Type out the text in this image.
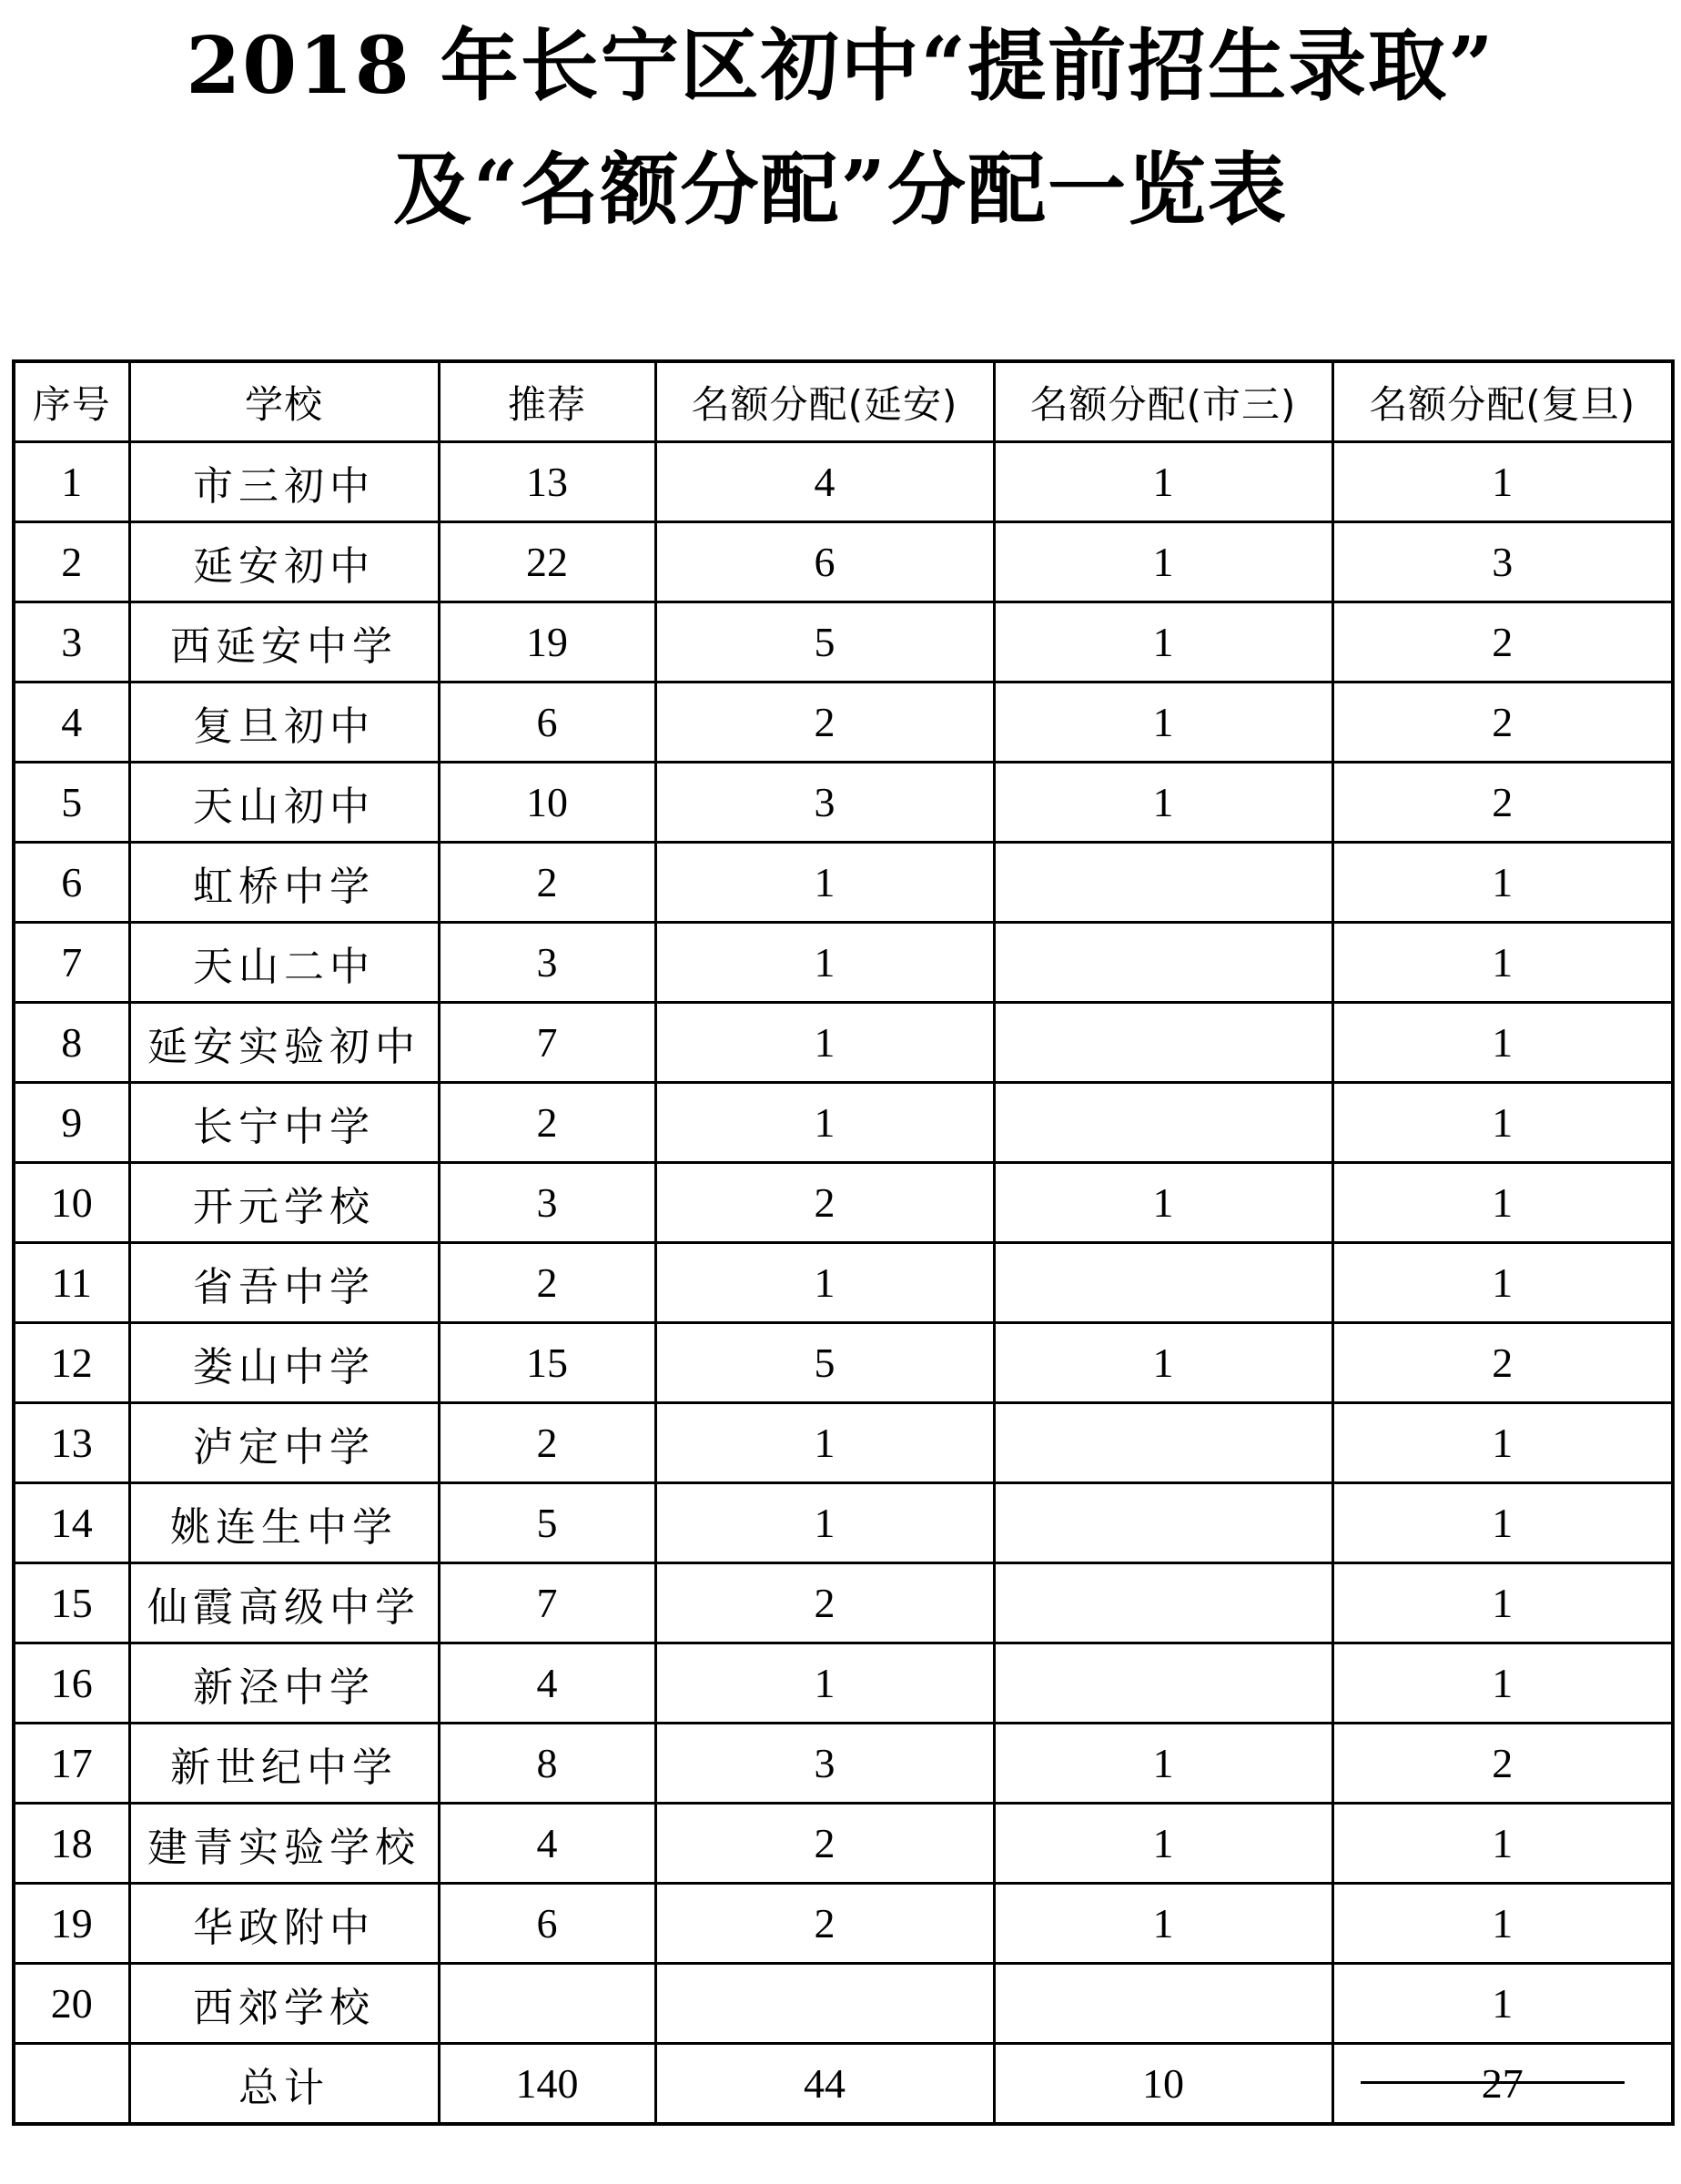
2018 年长宁区初中“提前招生录取”
及“名额分配”分配一览表
序号	学校	推荐	名额分配(延安)	名额分配(市三)	名额分配(复旦)
1	市三初中	13	4	1	1
2	延安初中	22	6	1	3
3	西延安中学	19	5	1	2
4	复旦初中	6	2	1	2
5	天山初中	10	3	1	2
6	虹桥中学	2	1		1
7	天山二中	3	1		1
8	延安实验初中	7	1		1
9	长宁中学	2	1		1
10	开元学校	3	2	1	1
11	省吾中学	2	1		1
12	娄山中学	15	5	1	2
13	泸定中学	2	1		1
14	姚连生中学	5	1		1
15	仙霞高级中学	7	2		1
16	新泾中学	4	1		1
17	新世纪中学	8	3	1	2
18	建青实验学校	4	2	1	1
19	华政附中	6	2	1	1
20	西郊学校				1
	总计	140	44	10	27
